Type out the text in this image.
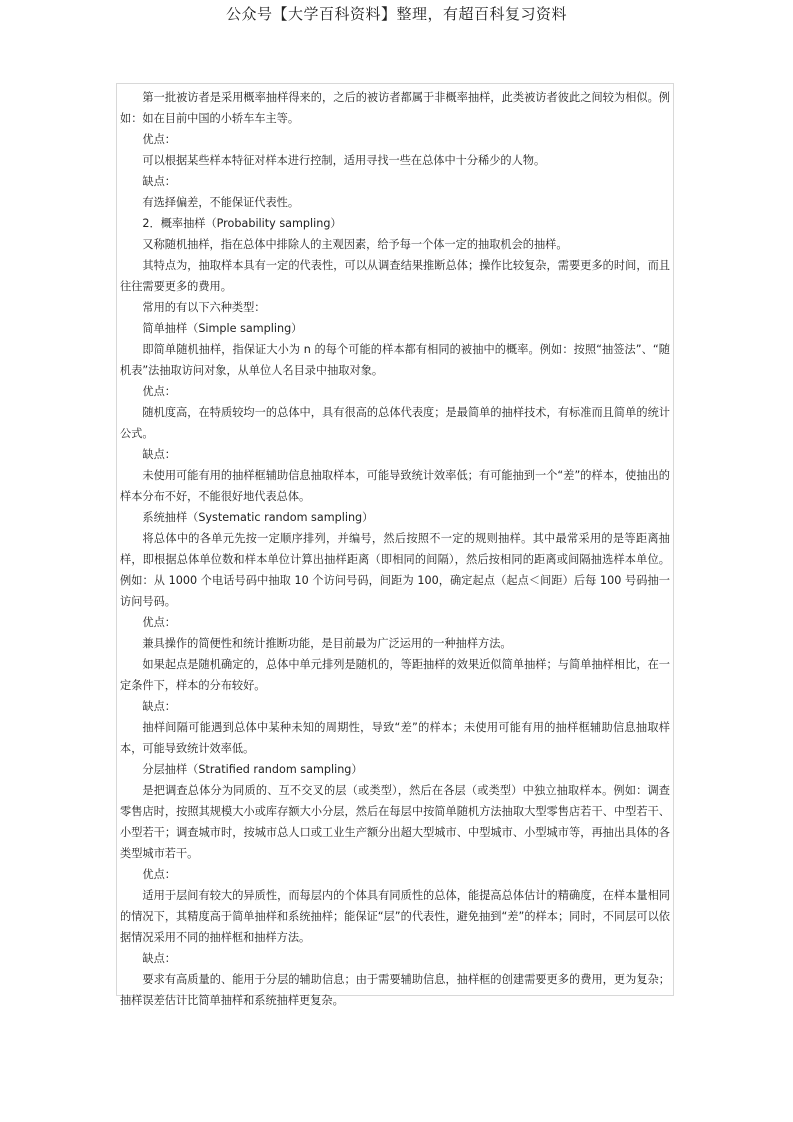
公众号【大学百科资料】整理，有超百科复习资料

第一批被访者是采用概率抽样得来的，之后的被访者都属于非概率抽样，此类被访者彼此之间较为相似。例如：如在目前中国的小轿车车主等。

优点：

可以根据某些样本特征对样本进行控制，适用寻找一些在总体中十分稀少的人物。

缺点：

有选择偏差，不能保证代表性。

2．概率抽样（Probability sampling）

又称随机抽样，指在总体中排除人的主观因素，给予每一个体一定的抽取机会的抽样。

其特点为，抽取样本具有一定的代表性，可以从调查结果推断总体；操作比较复杂，需要更多的时间，而且往往需要更多的费用。

常用的有以下六种类型：

简单抽样（Simple sampling）

即简单随机抽样，指保证大小为 n 的每个可能的样本都有相同的被抽中的概率。例如：按照“抽签法”、“随机表”法抽取访问对象，从单位人名目录中抽取对象。

优点：

随机度高，在特质较均一的总体中，具有很高的总体代表度；是最简单的抽样技术，有标准而且简单的统计公式。

缺点：

未使用可能有用的抽样框辅助信息抽取样本，可能导致统计效率低；有可能抽到一个“差”的样本，使抽出的样本分布不好，不能很好地代表总体。

系统抽样（Systematic random sampling）

将总体中的各单元先按一定顺序排列，并编号，然后按照不一定的规则抽样。其中最常采用的是等距离抽样，即根据总体单位数和样本单位计算出抽样距离（即相同的间隔），然后按相同的距离或间隔抽选样本单位。例如：从 1000 个电话号码中抽取 10 个访问号码，间距为 100，确定起点（起点＜间距）后每 100 号码抽一访问号码。

优点：

兼具操作的简便性和统计推断功能，是目前最为广泛运用的一种抽样方法。

如果起点是随机确定的，总体中单元排列是随机的，等距抽样的效果近似简单抽样；与简单抽样相比，在一定条件下，样本的分布较好。

缺点：

抽样间隔可能遇到总体中某种未知的周期性，导致“差”的样本；未使用可能有用的抽样框辅助信息抽取样本，可能导致统计效率低。

分层抽样（Stratified random sampling）

是把调查总体分为同质的、互不交叉的层（或类型），然后在各层（或类型）中独立抽取样本。例如：调查零售店时，按照其规模大小或库存额大小分层，然后在每层中按简单随机方法抽取大型零售店若干、中型若干、小型若干；调查城市时，按城市总人口或工业生产额分出超大型城市、中型城市、小型城市等，再抽出具体的各类型城市若干。

优点：

适用于层间有较大的异质性，而每层内的个体具有同质性的总体，能提高总体估计的精确度，在样本量相同的情况下，其精度高于简单抽样和系统抽样；能保证“层”的代表性，避免抽到“差”的样本；同时，不同层可以依据情况采用不同的抽样框和抽样方法。

缺点：

要求有高质量的、能用于分层的辅助信息；由于需要辅助信息，抽样框的创建需要更多的费用，更为复杂；抽样误差估计比简单抽样和系统抽样更复杂。
